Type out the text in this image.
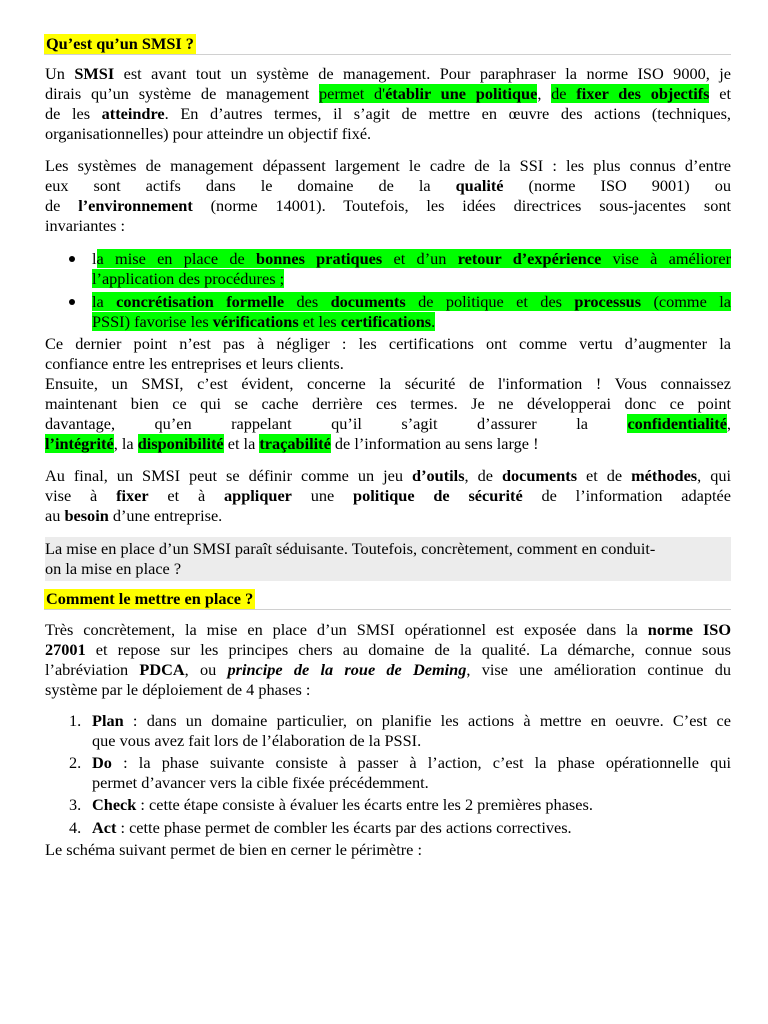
Qu’est qu’un SMSI ?
Un SMSI est avant tout un système de management. Pour paraphraser la norme ISO 9000, je
dirais qu’un système de management permet d'établir une politique, de fixer des objectifs et
de les atteindre. En d’autres termes, il s’agit de mettre en œuvre des actions (techniques,
organisationnelles) pour atteindre un objectif fixé.
Les systèmes de management dépassent largement le cadre de la SSI : les plus connus d’entre
eux sont actifs dans le domaine de la qualité (norme ISO 9001) ou
de l’environnement (norme 14001). Toutefois, les idées directrices sous-jacentes sont
invariantes :
la mise en place de bonnes pratiques et d’un retour d’expérience vise à améliorer
l’application des procédures ;
la concrétisation formelle des documents de politique et des processus (comme la
PSSI) favorise les vérifications et les certifications.
Ce dernier point n’est pas à négliger : les certifications ont comme vertu d’augmenter la
confiance entre les entreprises et leurs clients.
Ensuite, un SMSI, c’est évident, concerne la sécurité de l'information ! Vous connaissez
maintenant bien ce qui se cache derrière ces termes. Je ne développerai donc ce point
davantage, qu’en rappelant qu’il s’agit d’assurer la confidentialité,
l’intégrité, la disponibilité et la traçabilité de l’information au sens large !
Au final, un SMSI peut se définir comme un jeu d’outils, de documents et de méthodes, qui
vise à fixer et à appliquer une politique de sécurité de l’information adaptée
au besoin d’une entreprise.
La mise en place d’un SMSI paraît séduisante. Toutefois, concrètement, comment en conduit-
on la mise en place ?
Comment le mettre en place ?
Très concrètement, la mise en place d’un SMSI opérationnel est exposée dans la norme ISO
27001 et repose sur les principes chers au domaine de la qualité. La démarche, connue sous
l’abréviation PDCA, ou principe de la roue de Deming, vise une amélioration continue du
système par le déploiement de 4 phases :
1. Plan : dans un domaine particulier, on planifie les actions à mettre en oeuvre. C’est ce
que vous avez fait lors de l’élaboration de la PSSI.
2. Do : la phase suivante consiste à passer à l’action, c’est la phase opérationnelle qui
permet d’avancer vers la cible fixée précédemment.
3. Check : cette étape consiste à évaluer les écarts entre les 2 premières phases.
4. Act : cette phase permet de combler les écarts par des actions correctives.
Le schéma suivant permet de bien en cerner le périmètre :
